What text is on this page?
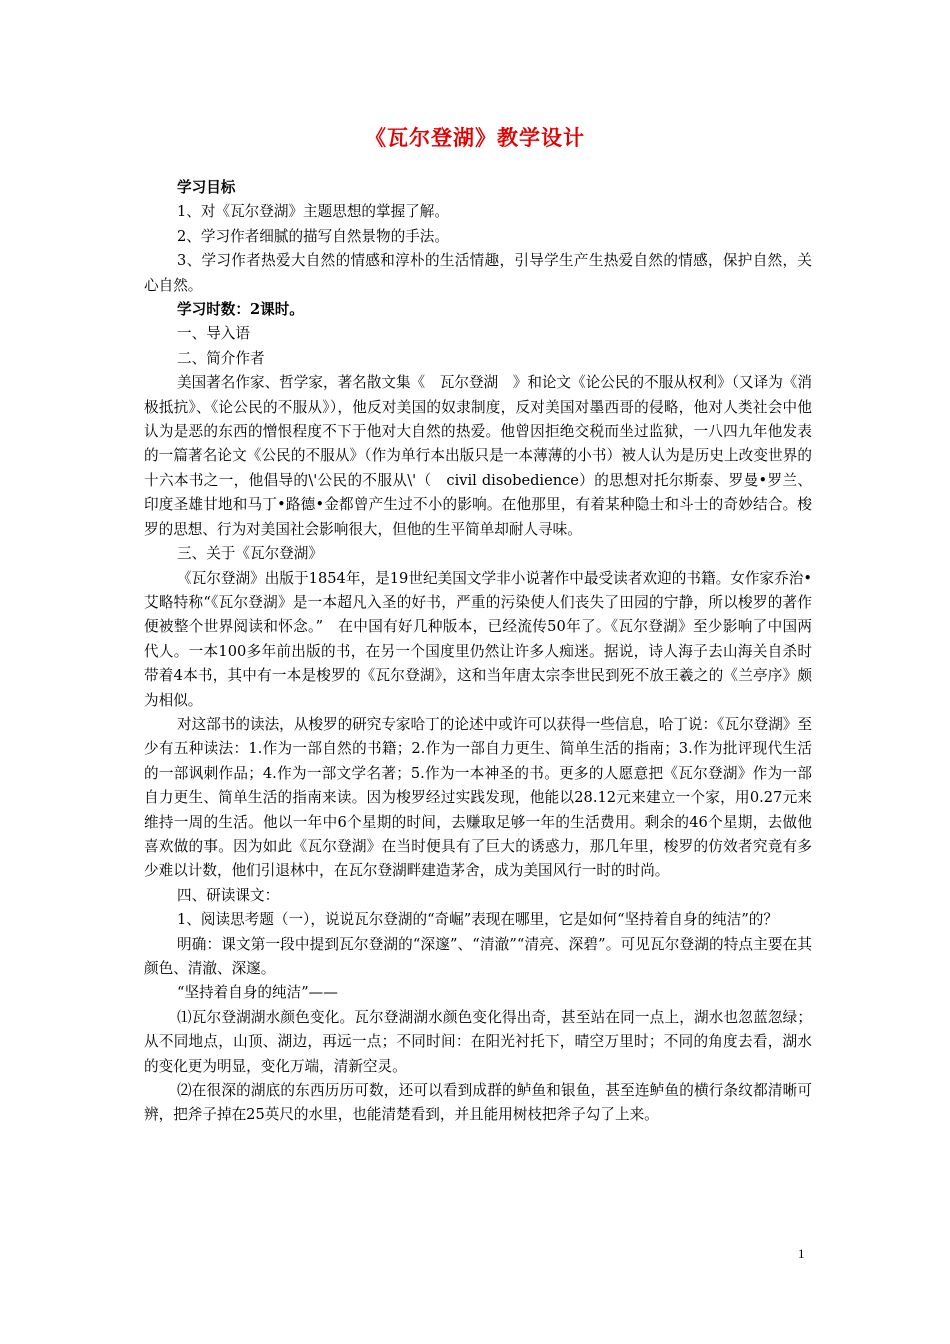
《瓦尔登湖》教学设计

学习目标

1、对《瓦尔登湖》主题思想的掌握了解。

2、学习作者细腻的描写自然景物的手法。

3、学习作者热爱大自然的情感和淳朴的生活情趣，引导学生产生热爱自然的情感，保护自然，关心自然。

学习时数：2课时。

一、导入语

二、简介作者

美国著名作家、哲学家，著名散文集《　瓦尔登湖　》和论文《论公民的不服从权利》（又译为《消极抵抗》、《论公民的不服从》），他反对美国的奴隶制度，反对美国对墨西哥的侵略，他对人类社会中他认为是恶的东西的憎恨程度不下于他对大自然的热爱。他曾因拒绝交税而坐过监狱，一八四九年他发表的一篇著名论文《公民的不服从》（作为单行本出版只是一本薄薄的小书）被人认为是历史上改变世界的十六本书之一，他倡导的\'公民的不服从\'（　civil disobedience）的思想对托尔斯泰、罗曼•罗兰、印度圣雄甘地和马丁•路德•金都曾产生过不小的影响。在他那里，有着某种隐士和斗士的奇妙结合。梭罗的思想、行为对美国社会影响很大，但他的生平简单却耐人寻味。

三、关于《瓦尔登湖》

《瓦尔登湖》出版于1854年，是19世纪美国文学非小说著作中最受读者欢迎的书籍。女作家乔治•艾略特称“《瓦尔登湖》是一本超凡入圣的好书，严重的污染使人们丧失了田园的宁静，所以梭罗的著作便被整个世界阅读和怀念。”　在中国有好几种版本，已经流传50年了。《瓦尔登湖》至少影响了中国两代人。一本100多年前出版的书，在另一个国度里仍然让许多人痴迷。据说，诗人海子去山海关自杀时带着4本书，其中有一本是梭罗的《瓦尔登湖》，这和当年唐太宗李世民到死不放王羲之的《兰亭序》颇为相似。

对这部书的读法，从梭罗的研究专家哈丁的论述中或许可以获得一些信息，哈丁说：《瓦尔登湖》至少有五种读法：1.作为一部自然的书籍；2.作为一部自力更生、简单生活的指南；3.作为批评现代生活的一部讽刺作品；4.作为一部文学名著；5.作为一本神圣的书。更多的人愿意把《瓦尔登湖》作为一部自力更生、简单生活的指南来读。因为梭罗经过实践发现，他能以28.12元来建立一个家，用0.27元来维持一周的生活。他以一年中6个星期的时间，去赚取足够一年的生活费用。剩余的46个星期，去做他喜欢做的事。因为如此《瓦尔登湖》在当时便具有了巨大的诱惑力，那几年里，梭罗的仿效者究竟有多少难以计数，他们引退林中，在瓦尔登湖畔建造茅舍，成为美国风行一时的时尚。

四、研读课文：

1、阅读思考题（一），说说瓦尔登湖的“奇崛”表现在哪里，它是如何“坚持着自身的纯洁”的？

明确：课文第一段中提到瓦尔登湖的“深邃”、“清澈”“清亮、深碧”。可见瓦尔登湖的特点主要在其颜色、清澈、深邃。

“坚持着自身的纯洁”——

⑴瓦尔登湖湖水颜色变化。瓦尔登湖湖水颜色变化得出奇，甚至站在同一点上，湖水也忽蓝忽绿；从不同地点，山顶、湖边，再远一点；不同时间：在阳光衬托下，晴空万里时；不同的角度去看，湖水的变化更为明显，变化万端，清新空灵。

⑵在很深的湖底的东西历历可数，还可以看到成群的鲈鱼和银鱼，甚至连鲈鱼的横行条纹都清晰可辨，把斧子掉在25英尺的水里，也能清楚看到，并且能用树枝把斧子勾了上来。

1
